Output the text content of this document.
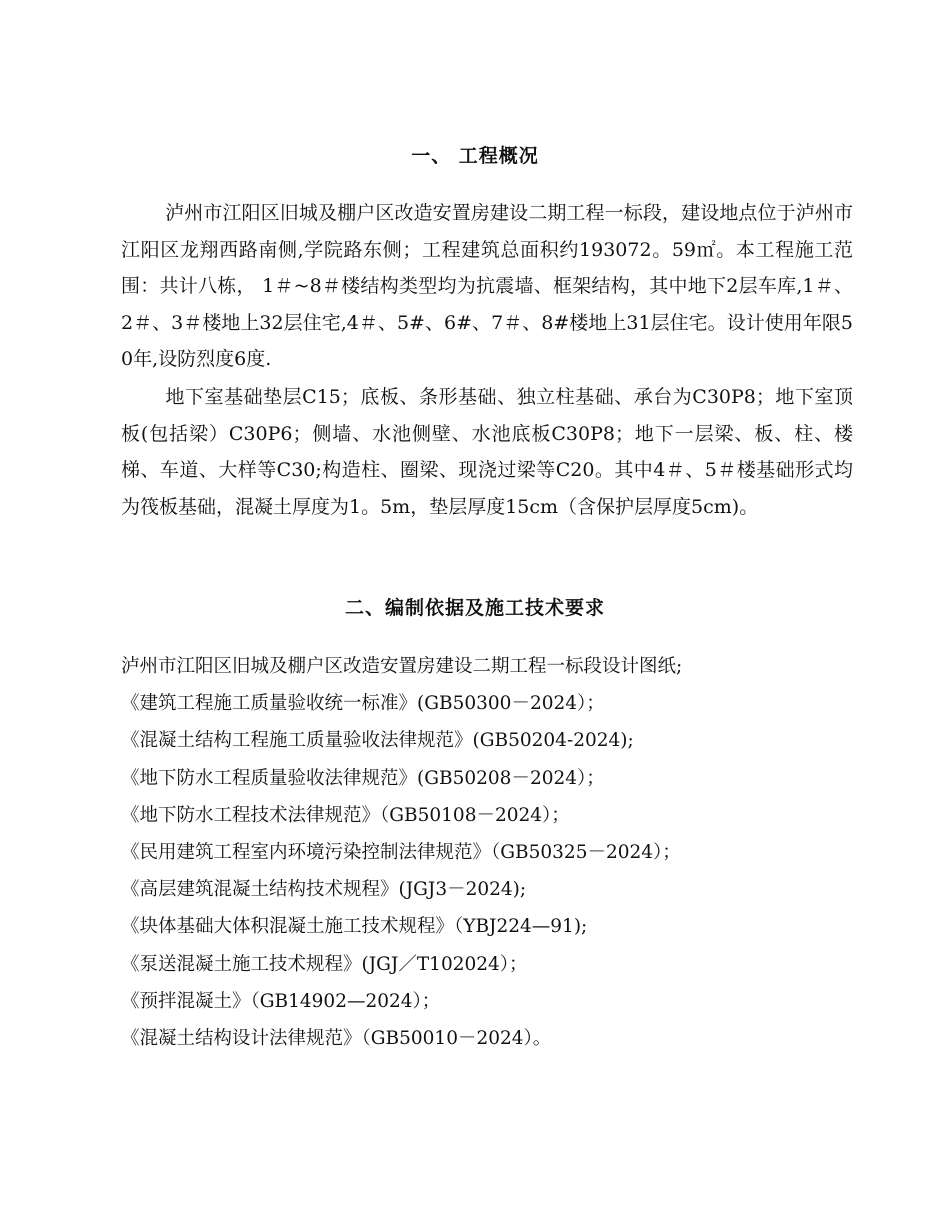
一、 工程概况

泸州市江阳区旧城及棚户区改造安置房建设二期工程一标段，建设地点位于泸州市江阳区龙翔西路南侧,学院路东侧；工程建筑总面积约193072。59㎡。本工程施工范围：共计八栋， 1＃~8＃楼结构类型均为抗震墙、框架结构，其中地下2层车库,1＃、2＃、3＃楼地上32层住宅,4＃、5#、6#、7＃、8#楼地上31层住宅。设计使用年限50年,设防烈度6度.

地下室基础垫层C15；底板、条形基础、独立柱基础、承台为C30P8；地下室顶板(包括梁）C30P6；侧墙、水池侧壁、水池底板C30P8；地下一层梁、板、柱、楼梯、车道、大样等C30;构造柱、圈梁、现浇过梁等C20。其中4＃、5＃楼基础形式均为筏板基础，混凝土厚度为1。5m，垫层厚度15cm（含保护层厚度5cm)。

二、编制依据及施工技术要求
泸州市江阳区旧城及棚户区改造安置房建设二期工程一标段设计图纸;
《建筑工程施工质量验收统一标准》(GB50300－2024）；
《混凝土结构工程施工质量验收法律规范》(GB50204-2024);
《地下防水工程质量验收法律规范》(GB50208－2024）；
《地下防水工程技术法律规范》（GB50108－2024）；
《民用建筑工程室内环境污染控制法律规范》（GB50325－2024）；
《高层建筑混凝土结构技术规程》(JGJ3－2024);
《块体基础大体积混凝土施工技术规程》（YBJ224—91);
《泵送混凝土施工技术规程》(JGJ／T102024）；
《预拌混凝土》（GB14902—2024）；
《混凝土结构设计法律规范》（GB50010－2024）。
